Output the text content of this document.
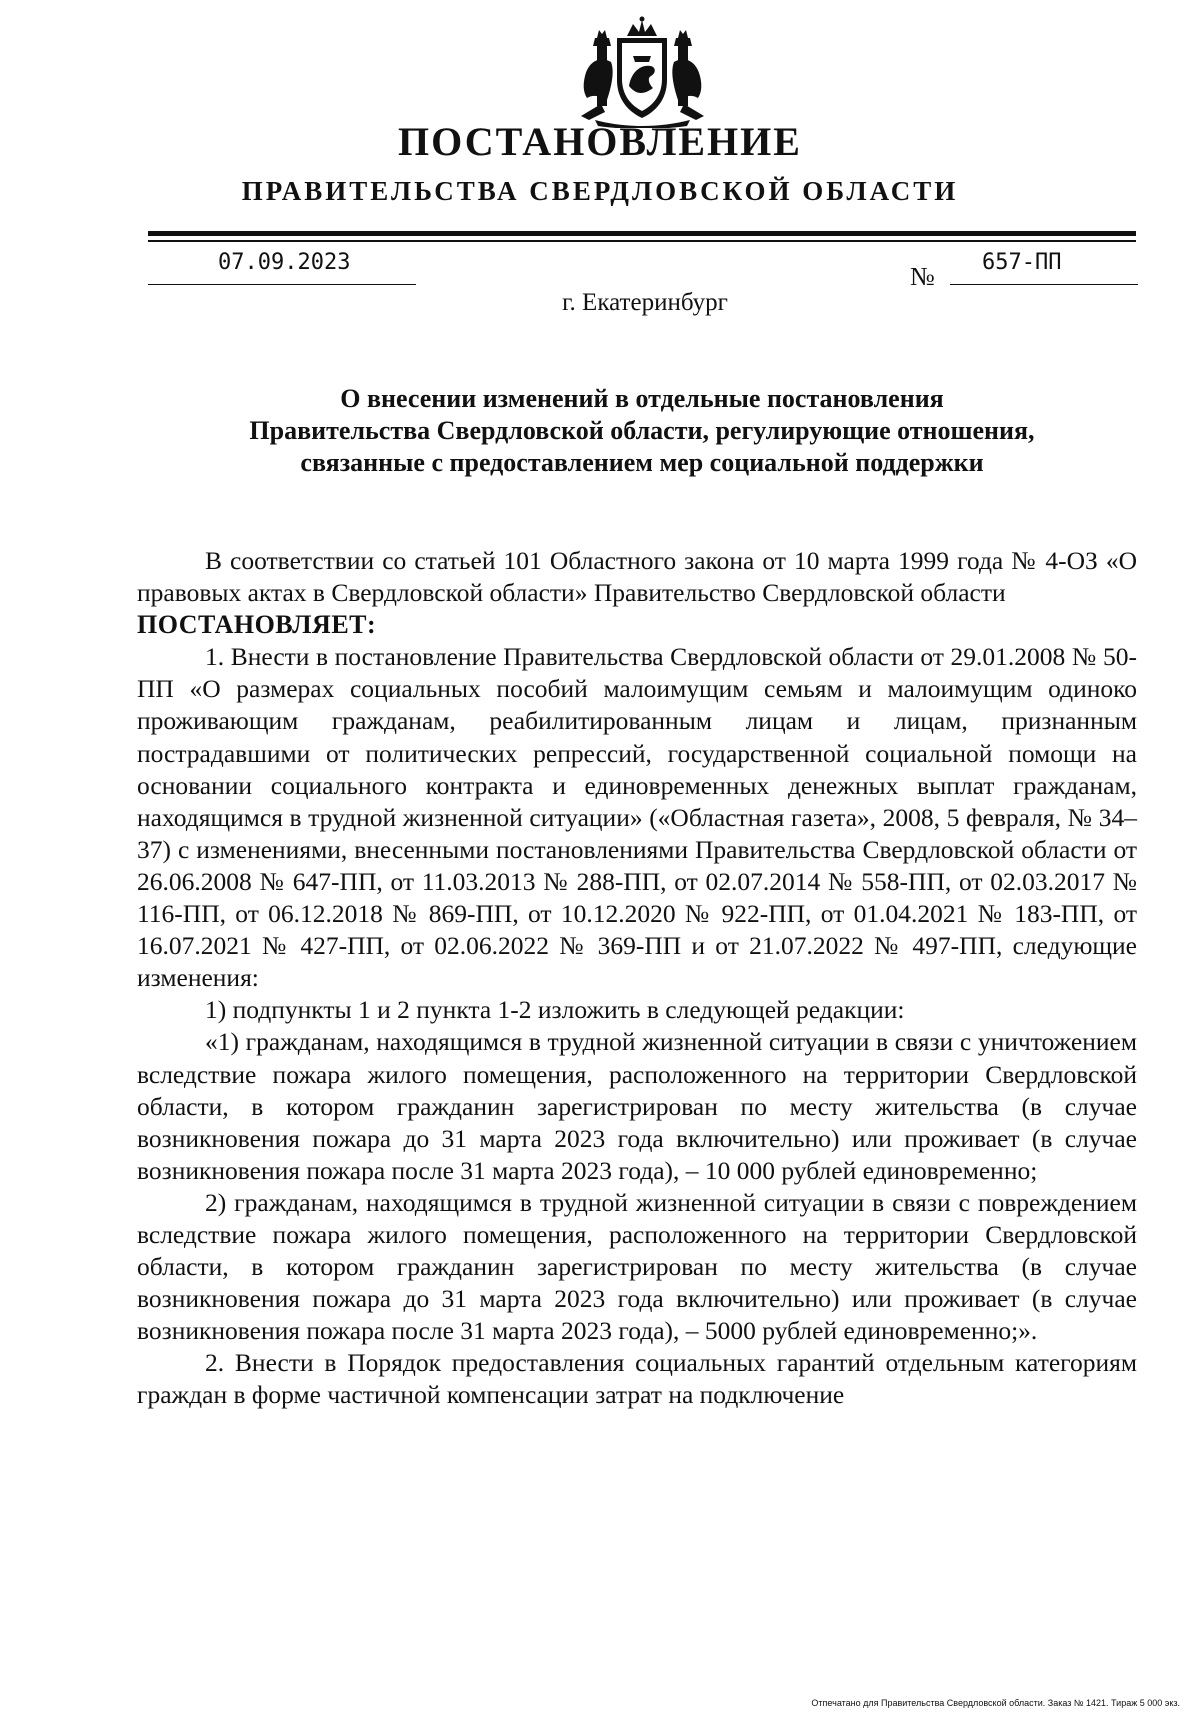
ПОСТАНОВЛЕНИЕ
ПРАВИТЕЛЬСТВА СВЕРДЛОВСКОЙ ОБЛАСТИ
07.09.2023	№ 657-ПП
г. Екатеринбург
О внесении изменений в отдельные постановления
Правительства Свердловской области, регулирующие отношения,
связанные с предоставлением мер социальной поддержки

В соответствии со статьей 101 Областного закона от 10 марта 1999 года № 4-ОЗ «О правовых актах в Свердловской области» Правительство Свердловской области

ПОСТАНОВЛЯЕТ:

1. Внести в постановление Правительства Свердловской области от 29.01.2008 № 50-ПП «О размерах социальных пособий малоимущим семьям и малоимущим одиноко проживающим гражданам, реабилитированным лицам и лицам, признанным пострадавшими от политических репрессий, государственной социальной помощи на основании социального контракта и единовременных денежных выплат гражданам, находящимся в трудной жизненной ситуации» («Областная газета», 2008, 5 февраля, № 34–37) с изменениями, внесенными постановлениями Правительства Свердловской области от 26.06.2008 № 647-ПП, от 11.03.2013 № 288-ПП, от 02.07.2014 № 558-ПП, от 02.03.2017 № 116-ПП, от 06.12.2018 № 869-ПП, от 10.12.2020 № 922-ПП, от 01.04.2021 № 183-ПП, от 16.07.2021 № 427-ПП, от 02.06.2022 № 369-ПП и от 21.07.2022 № 497-ПП, следующие изменения:

1) подпункты 1 и 2 пункта 1-2 изложить в следующей редакции:

«1) гражданам, находящимся в трудной жизненной ситуации в связи с уничтожением вследствие пожара жилого помещения, расположенного на территории Свердловской области, в котором гражданин зарегистрирован по месту жительства (в случае возникновения пожара до 31 марта 2023 года включительно) или проживает (в случае возникновения пожара после 31 марта 2023 года), – 10 000 рублей единовременно;

2) гражданам, находящимся в трудной жизненной ситуации в связи с повреждением вследствие пожара жилого помещения, расположенного на территории Свердловской области, в котором гражданин зарегистрирован по месту жительства (в случае возникновения пожара до 31 марта 2023 года включительно) или проживает (в случае возникновения пожара после 31 марта 2023 года), – 5000 рублей единовременно;».

2. Внести в Порядок предоставления социальных гарантий отдельным категориям граждан в форме частичной компенсации затрат на подключение

Отпечатано для Правительства Свердловской области. Заказ № 1421. Тираж 5 000 экз.
